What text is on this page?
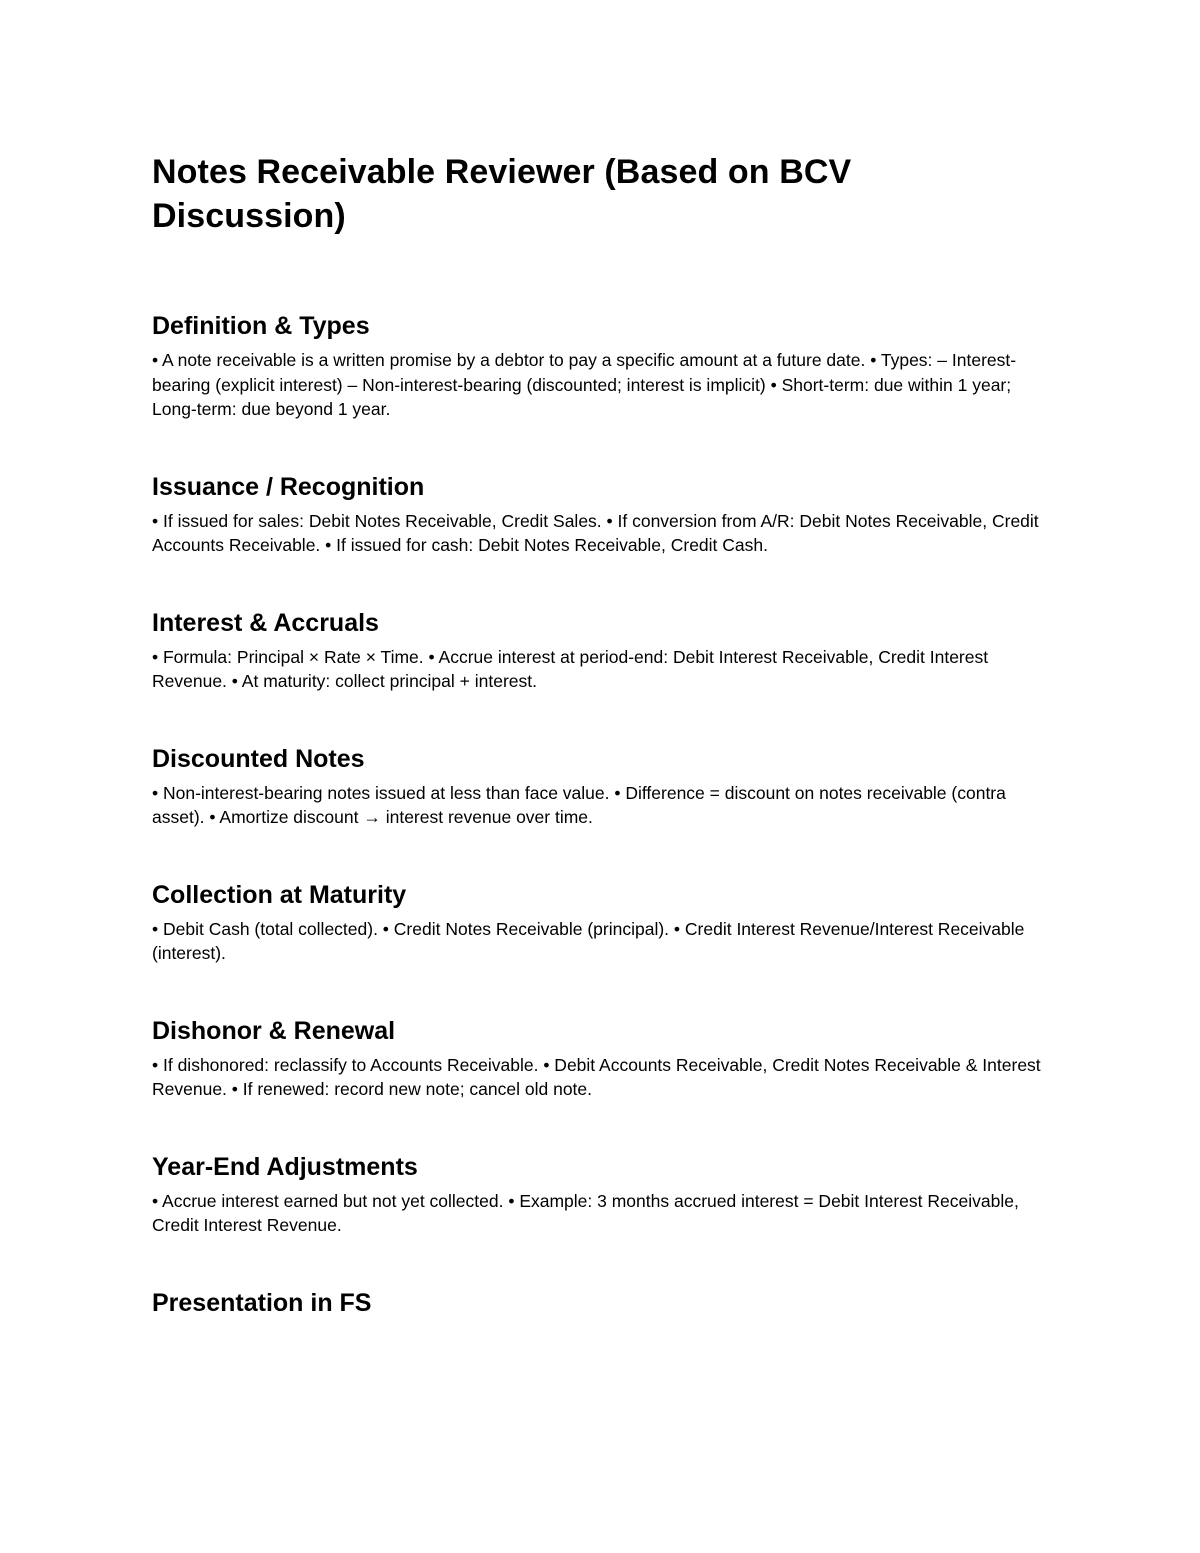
Notes Receivable Reviewer (Based on BCV Discussion)
Definition & Types

• A note receivable is a written promise by a debtor to pay a specific amount at a future date. • Types: – Interest-bearing (explicit interest) – Non-interest-bearing (discounted; interest is implicit) • Short-term: due within 1 year; Long-term: due beyond 1 year.

Issuance / Recognition

• If issued for sales: Debit Notes Receivable, Credit Sales. • If conversion from A/R: Debit Notes Receivable, Credit Accounts Receivable. • If issued for cash: Debit Notes Receivable, Credit Cash.

Interest & Accruals

• Formula: Principal × Rate × Time. • Accrue interest at period-end: Debit Interest Receivable, Credit Interest Revenue. • At maturity: collect principal + interest.

Discounted Notes

• Non-interest-bearing notes issued at less than face value. • Difference = discount on notes receivable (contra asset). • Amortize discount → interest revenue over time.

Collection at Maturity

• Debit Cash (total collected). • Credit Notes Receivable (principal). • Credit Interest Revenue/Interest Receivable (interest).

Dishonor & Renewal

• If dishonored: reclassify to Accounts Receivable. • Debit Accounts Receivable, Credit Notes Receivable & Interest Revenue. • If renewed: record new note; cancel old note.

Year-End Adjustments

• Accrue interest earned but not yet collected. • Example: 3 months accrued interest = Debit Interest Receivable, Credit Interest Revenue.

Presentation in FS
